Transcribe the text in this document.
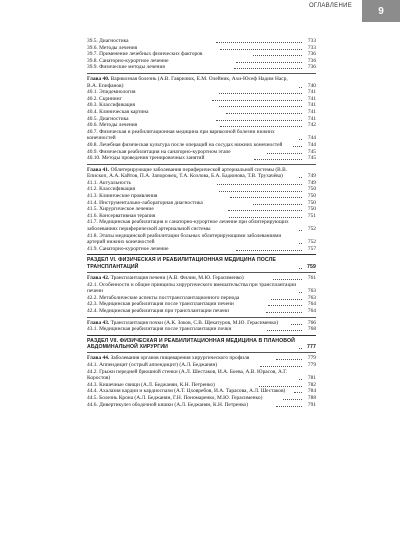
ОГЛАВЛЕНИЕ	9
39.5. Диагностика	733
39.6. Методы лечения	733
39.7. Применение лечебных физических факторов	736
39.8. Санаторно-курортное лечение	736
39.9. Физические методы лечения	736
Глава 40. Варикозная болезнь (А.В. Гаврилюк, Е.М. Олейник, Ахи-Юсеф Надим Наср, В.А. Епифанов)	740
40.1. Эпидемиология	741
40.2. Скрининг	741
40.3. Классификация	741
40.4. Клиническая картина	741
40.5. Диагностика	741
40.6. Методы лечения	742
40.7. Физическая и реабилитационная медицина при варикозной болезни нижних конечностей	744
40.8. Лечебная физическая культура после операций на сосудах нижних конечностей	744
40.9. Физическая реабилитация на санаторно-курортном этапе	745
40.10. Методы проведения тренировочных занятий	745
Глава 41. Облитерирующие заболевания периферической артериальной системы (В.В. Епископ, А.А. Кайтов, П.А. Запорожец, Т.А. Козлова, Б.А. Бадюнова, Т.В. Трухачёва)	749
41.1. Актуальность	749
41.2. Классификация	750
41.3. Клинические проявления	750
41.4. Инструментально-лабораторная диагностика	750
41.5. Хирургическое лечение	750
41.6. Консервативная терапия	751
41.7. Медицинская реабилитация и санаторно-курортное лечение при облитерирующих заболеваниях периферической артериальной системы	752
41.8. Этапы медицинской реабилитации больных облитерирующими заболеваниями артерий нижних конечностей	752
41.9. Санаторно-курортное лечение	757
РАЗДЕЛ VI. ФИЗИЧЕСКАЯ И РЕАБИЛИТАЦИОННАЯ МЕДИЦИНА ПОСЛЕ ТРАНСПЛАНТАЦИЙ	759
Глава 42. Трансплантация печени (А.В. Филин, М.Ю. Герасименко)	761
42.1. Особенности и общие принципы хирургического вмешательства при трансплантации печени	763
42.2. Метаболические аспекты посттрансплантационного периода	763
42.3. Медицинская реабилитация после трансплантации печени	764
42.4. Медицинская реабилитация при трансплантации печени	764
Глава 43. Трансплантация почки (А.К. Зоков, С.В. Щекатуров, М.Ю. Герасименко)	766
43.1. Медицинская реабилитация после трансплантации почки	768
РАЗДЕЛ VII. ФИЗИЧЕСКАЯ И РЕАБИЛИТАЦИОННАЯ МЕДИЦИНА В ПЛАНОВОЙ АБДОМИНАЛЬНОЙ ХИРУРГИИ	777
Глава 44. Заболевания органов пищеварения хирургического профиля	779
44.1. Аппендицит (острый аппендицит) (А.Л. Беджанян)	779
44.2. Грыжи передней брюшной стенки (А.Л. Шестаков, И.А. Боева, А.В. Юрасов, А.Г. Коростов)	781
44.3. Кишечные свищи (А.Л. Беджанян, К.Н. Петренко)	782
44.4. Ахалазия кардии и кардиоспазм (А.Т. Цховребов, И.А. Тарасова, А.Л. Шестаков)	784
44.5. Болезнь Крона (А.Л. Беджанян, Г.Н. Пономаренко, М.Ю. Герасименко)	788
44.6. Дивертикулез ободочной кишки (А.Л. Беджанян, К.Н. Петренко)	791
